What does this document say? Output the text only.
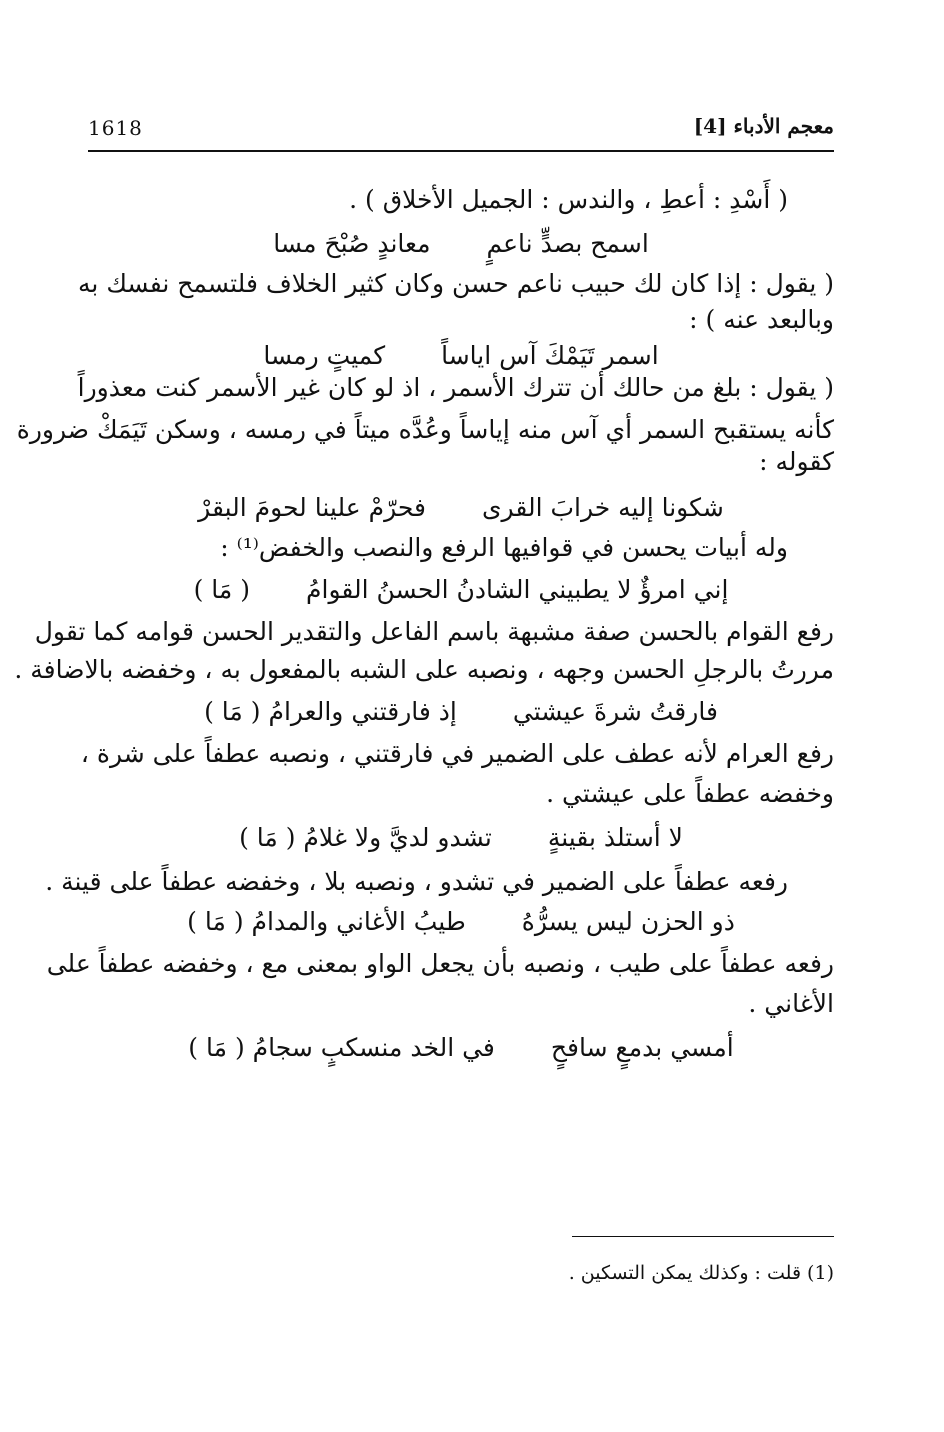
1618	معجم الأدباء [4]
( أَسْدِ : أعطِ ، والندس : الجميل الأخلاق ) .
اسمح بصدٍّ ناعمٍ
معاندٍ صُبْحَ مسا
( يقول : إذا كان لك حبيب ناعم حسن وكان كثير الخلاف فلتسمح نفسك به
وبالبعد عنه ) :
اسمر تَيَمْكَ آس اياساً
كميتٍ رمسا
( يقول : بلغ من حالك أن تترك الأسمر ، اذ لو كان غير الأسمر كنت معذوراً
كأنه يستقبح السمر أي آس منه إياساً وعُدَّه ميتاً في رمسه ، وسكن تَيَمَكْ ضرورة
كقوله :
شكونا إليه خرابَ القرى
فحرّمْ علينا لحومَ البقرْ
وله أبيات يحسن في قوافيها الرفع والنصب والخفض⁽¹⁾ :
إني امرؤٌ لا يطبيني الشادنُ الحسنُ القوامُ
( مَا )
رفع القوام بالحسن صفة مشبهة باسم الفاعل والتقدير الحسن قوامه كما تقول
مررتُ بالرجلِ الحسن وجهه ، ونصبه على الشبه بالمفعول به ، وخفضه بالاضافة .
فارقتُ شرةَ عيشتي
إذ فارقتني والعرامُ ( مَا )
رفع العرام لأنه عطف على الضمير في فارقتني ، ونصبه عطفاً على شرة ،
وخفضه عطفاً على عيشتي .
لا أستلذ بقينةٍ
تشدو لديَّ ولا غلامُ ( مَا )
رفعه عطفاً على الضمير في تشدو ، ونصبه بلا ، وخفضه عطفاً على قينة .
ذو الحزن ليس يسرُّهُ
طيبُ الأغاني والمدامُ ( مَا )
رفعه عطفاً على طيب ، ونصبه بأن يجعل الواو بمعنى مع ، وخفضه عطفاً على
الأغاني .
أمسي بدمعٍ سافحٍ
في الخد منسكبٍ سجامُ ( مَا )
(1) قلت : وكذلك يمكن التسكين .
